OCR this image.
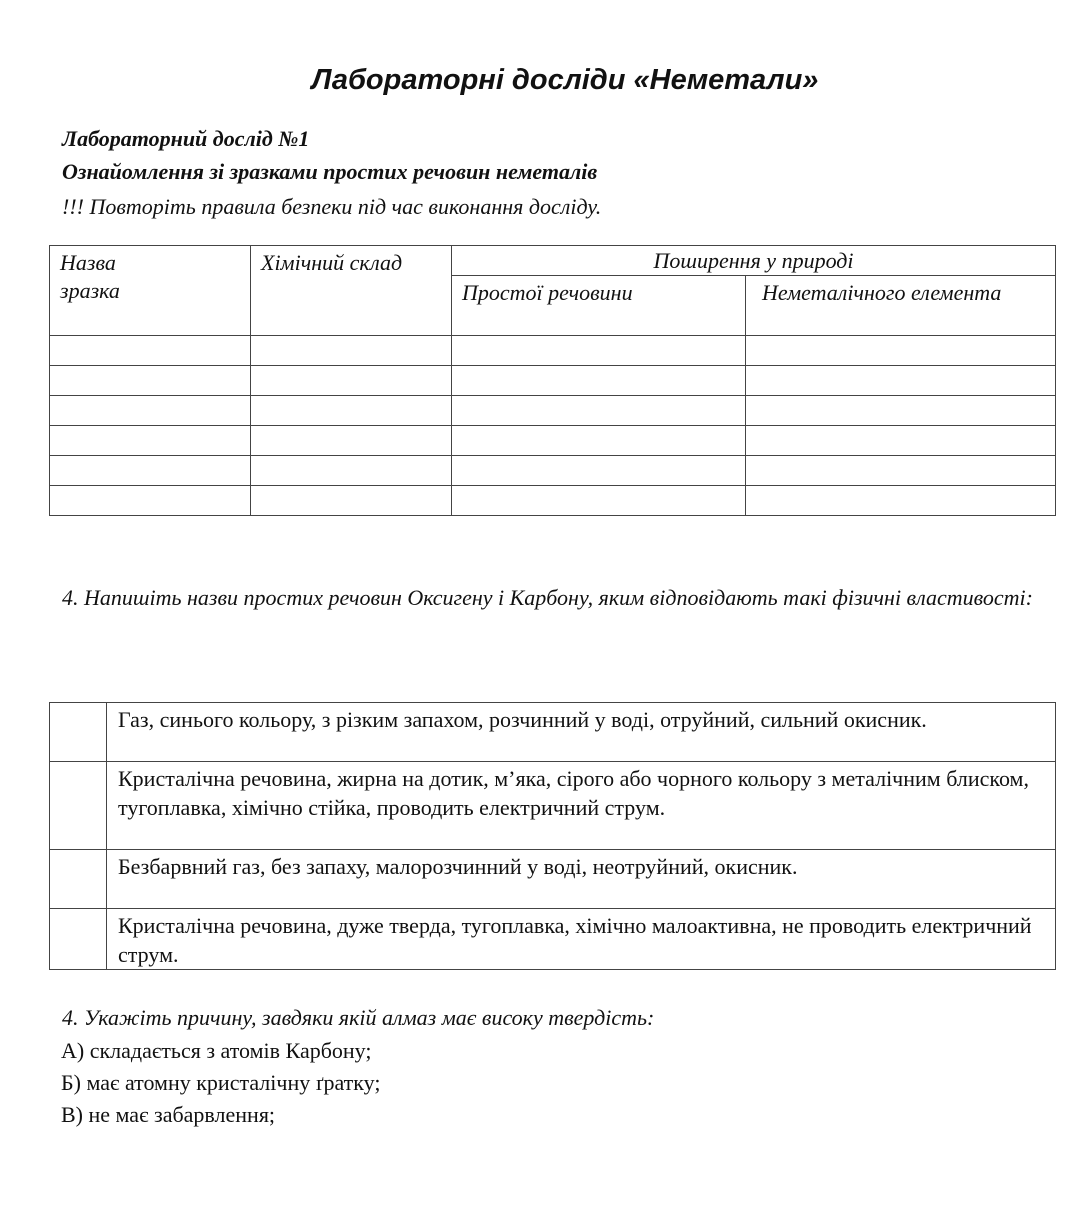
Лабораторні досліди «Неметали»

Лабораторний дослід №1

Ознайомлення зі зразками простих речовин неметалів

!!! Повторіть правила безпеки під час виконання досліду.

Назва
зразка	Хімічний склад	Поширення у природі	
		Простої речовини	Неметалічного елемента

4. Напишіть назви простих речовин Оксигену і Карбону, яким відповідають такі фізичні властивості:

	Газ, синього кольору, з різким запахом, розчинний у воді, отруйний, сильний окисник.
	Кристалічна речовина, жирна на дотик, м’яка, сірого або чорного кольору з металічним блиском, тугоплавка, хімічно стійка, проводить електричний струм.
	Безбарвний газ, без запаху, малорозчинний у воді, неотруйний, окисник.
	Кристалічна речовина, дуже тверда, тугоплавка, хімічно малоактивна, не проводить електричний струм.

4. Укажіть причину, завдяки якій алмаз має високу твердість:

А) складається з атомів Карбону;

Б) має атомну кристалічну ґратку;

В) не має забарвлення;
